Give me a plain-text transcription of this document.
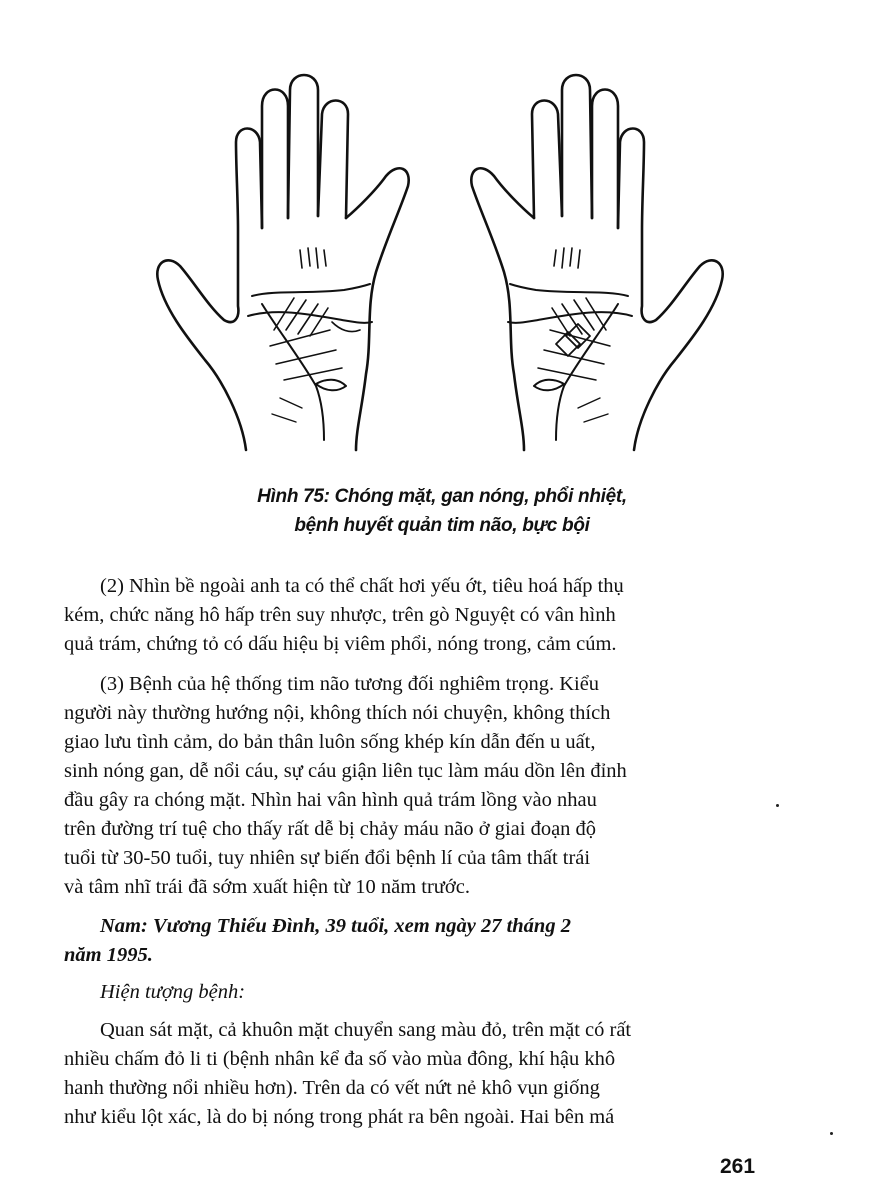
Hình 75: Chóng mặt, gan nóng, phổi nhiệt,
bệnh huyết quản tim não, bực bội
(2) Nhìn bề ngoài anh ta có thể chất hơi yếu ớt, tiêu hoá hấp thụ
kém, chức năng hô hấp trên suy nhược, trên gò Nguyệt có vân hình
quả trám, chứng tỏ có dấu hiệu bị viêm phổi, nóng trong, cảm cúm.
(3) Bệnh của hệ thống tim não tương đối nghiêm trọng. Kiểu
người này thường hướng nội, không thích nói chuyện, không thích
giao lưu tình cảm, do bản thân luôn sống khép kín dẫn đến u uất,
sinh nóng gan, dễ nổi cáu, sự cáu giận liên tục làm máu dồn lên đỉnh
đầu gây ra chóng mặt. Nhìn hai vân hình quả trám lồng vào nhau
trên đường trí tuệ cho thấy rất dễ bị chảy máu não ở giai đoạn độ
tuổi từ 30-50 tuổi, tuy nhiên sự biến đổi bệnh lí của tâm thất trái
và tâm nhĩ trái đã sớm xuất hiện từ 10 năm trước.
Nam: Vương Thiếu Đình, 39 tuổi, xem ngày 27 tháng 2
năm 1995.
Hiện tượng bệnh:
Quan sát mặt, cả khuôn mặt chuyển sang màu đỏ, trên mặt có rất
nhiều chấm đỏ li ti (bệnh nhân kể đa số vào mùa đông, khí hậu khô
hanh thường nổi nhiều hơn). Trên da có vết nứt nẻ khô vụn giống
như kiểu lột xác, là do bị nóng trong phát ra bên ngoài. Hai bên má
261
